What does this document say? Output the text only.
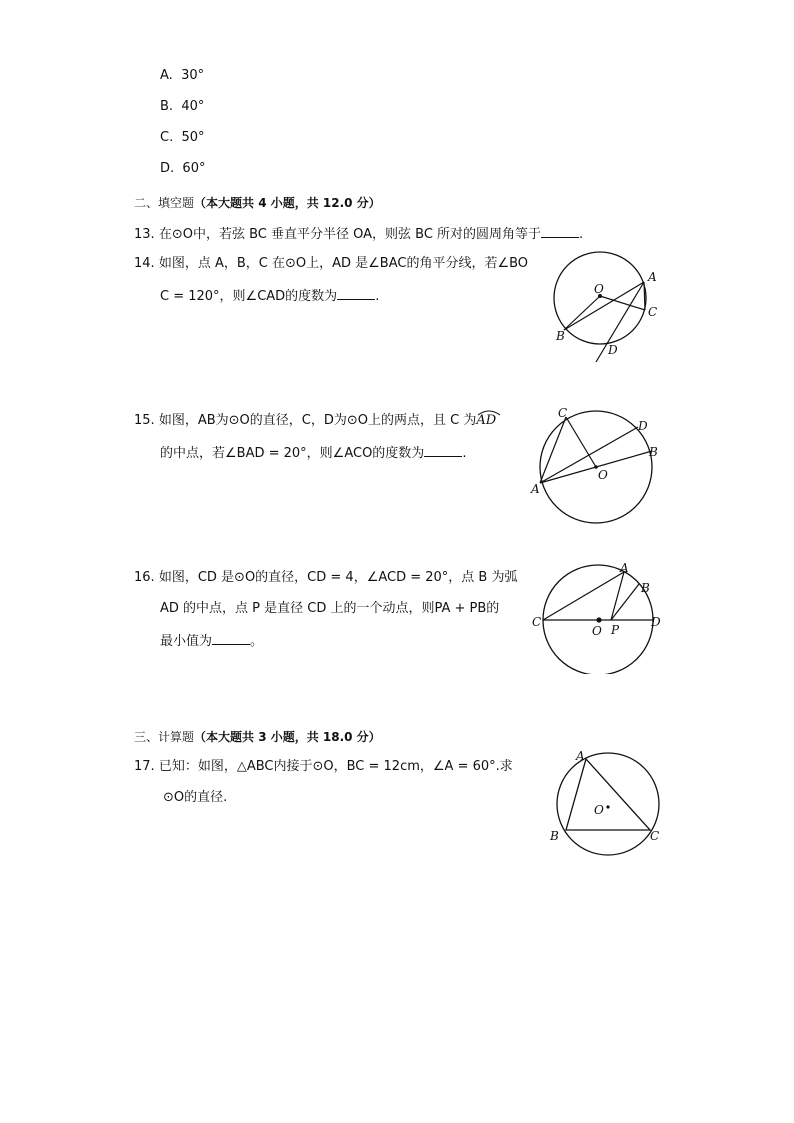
A. 30°
B. 40°
C. 50°
D. 60°
二、填空题（本大题共 4 小题，共 12.0 分）
13. 在⊙O中，若弦 BC 垂直平分半径 OA，则弦 BC 所对的圆周角等于	.
14. 如图，点 A，B，C 在⊙O上，AD 是∠BAC的角平分线，若∠BO
C = 120°，则∠CAD的度数为	.	O
A
B
C
D
15. 如图，AB为⊙O的直径，C，D为⊙O上的两点，且 C 为
AD
的中点，若∠BAD = 20°，则∠ACO的度数为	.
C
D
B
O
A
16. 如图，CD 是⊙O的直径，CD = 4，∠ACD = 20°，点 B 为弧
AD 的中点，点 P 是直径 CD 上的一个动点，则PA + PB的
最小值为	。
A
B
C	D
O P
三、计算题（本大题共 3 小题，共 18.0 分）
17. 已知：如图，△ABC内接于⊙O，BC = 12cm，∠A = 60°.求
⊙O的直径.
A
B	C
O
